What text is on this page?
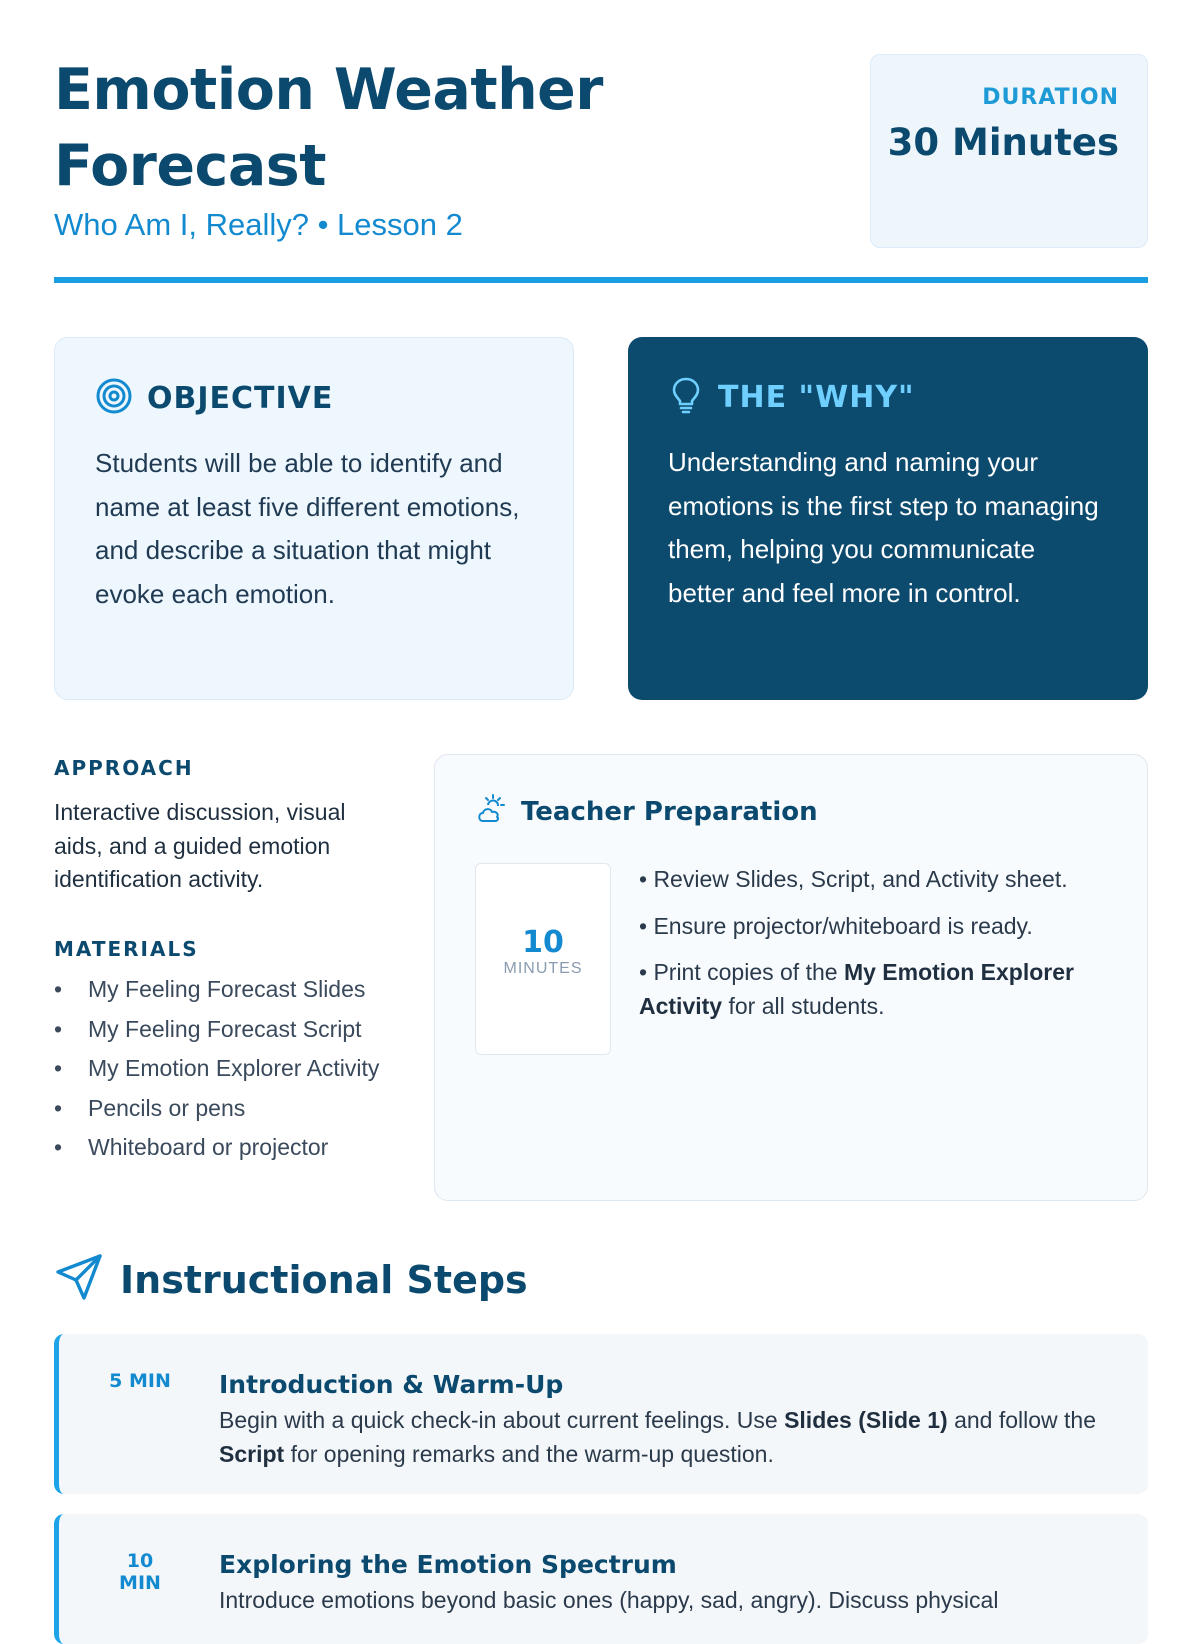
Emotion Weather Forecast
Who Am I, Really? • Lesson 2
DURATION
30 Minutes
OBJECTIVE
Students will be able to identify and name at least five different emotions, and describe a situation that might evoke each emotion.
THE "WHY"
Understanding and naming your emotions is the first step to managing them, helping you communicate better and feel more in control.
APPROACH

Interactive discussion, visual aids, and a guided emotion identification activity.

MATERIALS
• My Feeling Forecast Slides
• My Feeling Forecast Script
• My Emotion Explorer Activity
• Pencils or pens
• Whiteboard or projector
Teacher Preparation
10
MINUTES
• Review Slides, Script, and Activity sheet.
• Ensure projector/whiteboard is ready.
• Print copies of the My Emotion Explorer Activity for all students.
Instructional Steps
5 MIN Introduction & Warm-Up
Begin with a quick check-in about current feelings. Use Slides (Slide 1) and follow the Script for opening remarks and the warm-up question.
10 MIN
Exploring the Emotion Spectrum
Introduce emotions beyond basic ones (happy, sad, angry). Discuss physical
